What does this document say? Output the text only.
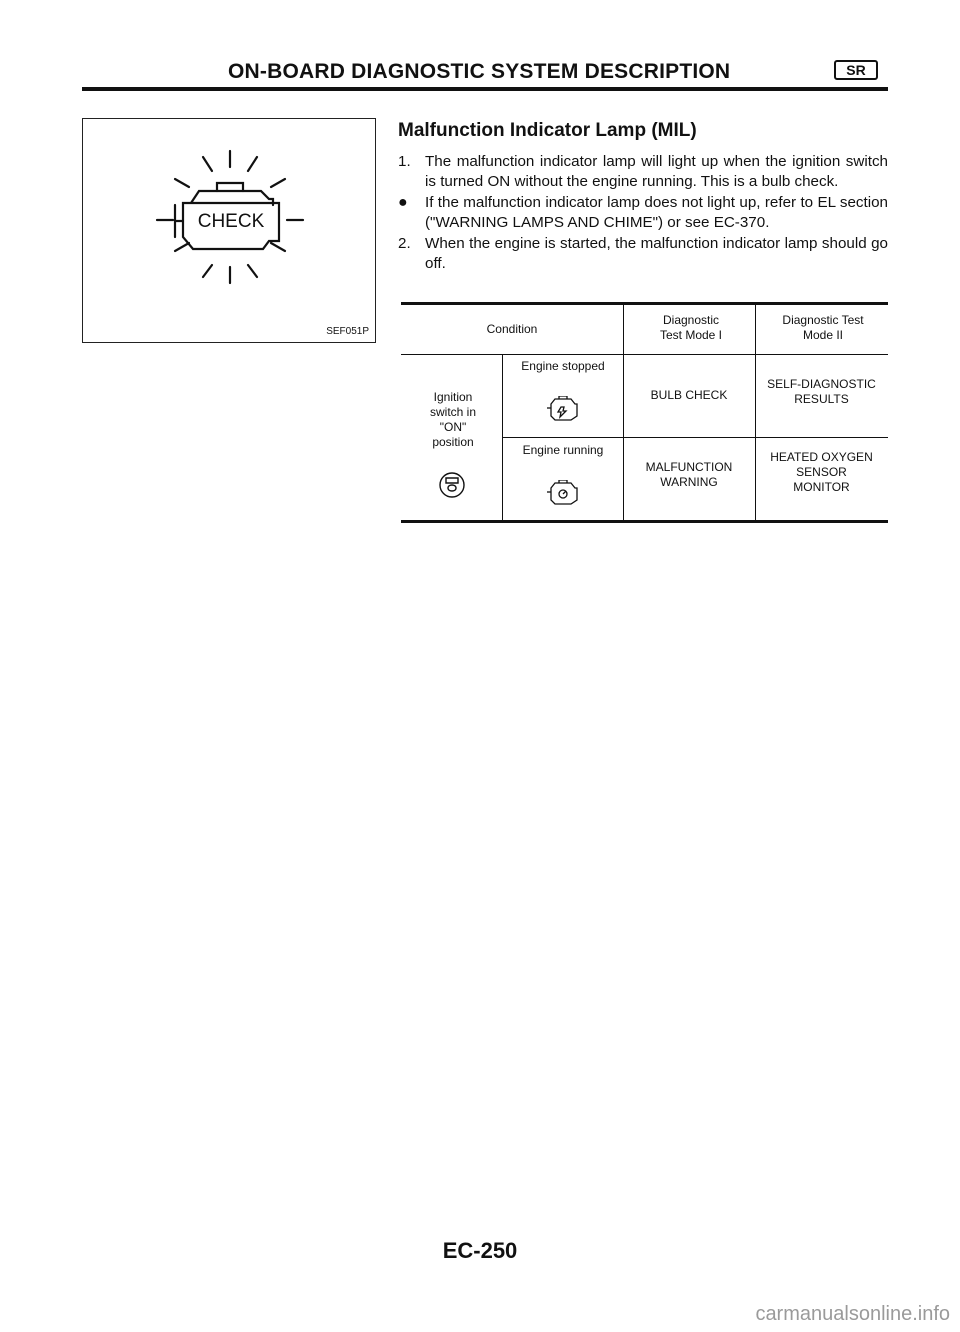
ON-BOARD DIAGNOSTIC SYSTEM DESCRIPTION	SR
CHECK
SEF051P
Malfunction Indicator Lamp (MIL)
1. The malfunction indicator lamp will light up when the ignition switch is turned ON without the engine running. This is a bulb check.
● If the malfunction indicator lamp does not light up, refer to EL section ("WARNING LAMPS AND CHIME") or see EC-370.
2. When the engine is started, the malfunction indicator lamp should go off.
Condition
Diagnostic Test Mode I
Diagnostic Test Mode II
Ignition switch in "ON" position
Engine stopped
BULB CHECK
SELF-DIAGNOSTIC RESULTS
Engine running
MALFUNCTION WARNING
HEATED OXYGEN SENSOR MONITOR
EC-250
carmanualsonline.info
